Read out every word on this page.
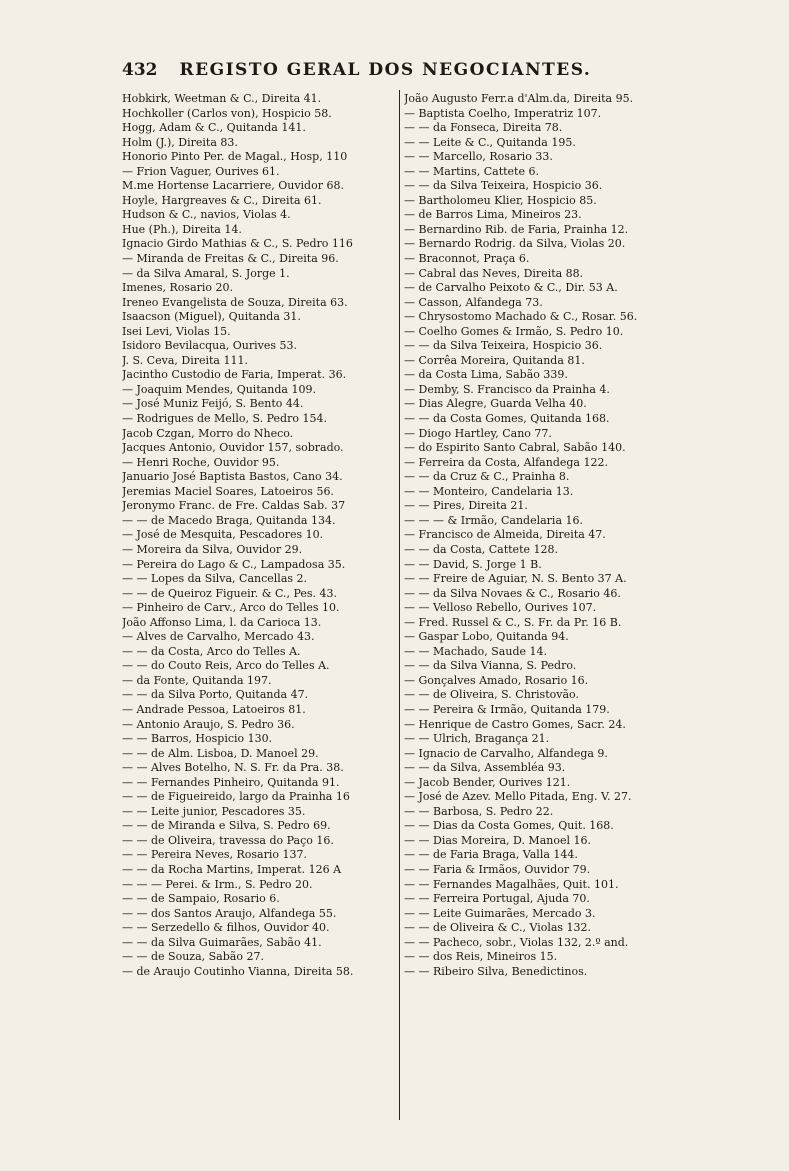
432 REGISTO GERAL DOS NEGOCIANTES.
Hobkirk, Weetman & C., Direita 41.
Hochkoller (Carlos von), Hospicio 58.
Hogg, Adam & C., Quitanda 141.
Holm (J.), Direita 83.
Honorio Pinto Per. de Magal., Hosp, 110
— Frion Vaguer, Ourives 61.
M.me Hortense Lacarriere, Ouvidor 68.
Hoyle, Hargreaves & C., Direita 61.
Hudson & C., navios, Violas 4.
Hue (Ph.), Direita 14.
Ignacio Girdo Mathias & C., S. Pedro 116
— Miranda de Freitas & C., Direita 96.
— da Silva Amaral, S. Jorge 1.
Imenes, Rosario 20.
Ireneo Evangelista de Souza, Direita 63.
Isaacson (Miguel), Quitanda 31.
Isei Levi, Violas 15.
Isidoro Bevilacqua, Ourives 53.
J. S. Ceva, Direita 111.
Jacintho Custodio de Faria, Imperat. 36.
— Joaquim Mendes, Quitanda 109.
— José Muniz Feijó, S. Bento 44.
— Rodrigues de Mello, S. Pedro 154.
Jacob Czgan, Morro do Nheco.
Jacques Antonio, Ouvidor 157, sobrado.
— Henri Roche, Ouvidor 95.
Januario José Baptista Bastos, Cano 34.
Jeremias Maciel Soares, Latoeiros 56.
Jeronymo Franc. de Fre. Caldas Sab. 37
— — de Macedo Braga, Quitanda 134.
— José de Mesquita, Pescadores 10.
— Moreira da Silva, Ouvidor 29.
— Pereira do Lago & C., Lampadosa 35.
— — Lopes da Silva, Cancellas 2.
— — de Queiroz Figueir. & C., Pes. 43.
— Pinheiro de Carv., Arco do Telles 10.
João Affonso Lima, l. da Carioca 13.
— Alves de Carvalho, Mercado 43.
— — da Costa, Arco do Telles A.
— — do Couto Reis, Arco do Telles A.
— da Fonte, Quitanda 197.
— — da Silva Porto, Quitanda 47.
— Andrade Pessoa, Latoeiros 81.
— Antonio Araujo, S. Pedro 36.
— — Barros, Hospicio 130.
— — de Alm. Lisboa, D. Manoel 29.
— — Alves Botelho, N. S. Fr. da Pra. 38.
— — Fernandes Pinheiro, Quitanda 91.
— — de Figueireido, largo da Prainha 16
— — Leite junior, Pescadores 35.
— — de Miranda e Silva, S. Pedro 69.
— — de Oliveira, travessa do Paço 16.
— — Pereira Neves, Rosario 137.
— — da Rocha Martins, Imperat. 126 A
— — — Perei. & Irm., S. Pedro 20.
— — de Sampaio, Rosario 6.
— — dos Santos Araujo, Alfandega 55.
— — Serzedello & filhos, Ouvidor 40.
— — da Silva Guimarães, Sabão 41.
— — de Souza, Sabão 27.
— de Araujo Coutinho Vianna, Direita 58.
João Augusto Ferr.a d'Alm.da, Direita 95.
— Baptista Coelho, Imperatriz 107.
— — da Fonseca, Direita 78.
— — Leite & C., Quitanda 195.
— — Marcello, Rosario 33.
— — Martins, Cattete 6.
— — da Silva Teixeira, Hospicio 36.
— Bartholomeu Klier, Hospicio 85.
— de Barros Lima, Mineiros 23.
— Bernardino Rib. de Faria, Prainha 12.
— Bernardo Rodrig. da Silva, Violas 20.
— Braconnot, Praça 6.
— Cabral das Neves, Direita 88.
— de Carvalho Peixoto & C., Dir. 53 A.
— Casson, Alfandega 73.
— Chrysostomo Machado & C., Rosar. 56.
— Coelho Gomes & Irmão, S. Pedro 10.
— — da Silva Teixeira, Hospicio 36.
— Corrêa Moreira, Quitanda 81.
— da Costa Lima, Sabão 339.
— Demby, S. Francisco da Prainha 4.
— Dias Alegre, Guarda Velha 40.
— — da Costa Gomes, Quitanda 168.
— Diogo Hartley, Cano 77.
— do Espirito Santo Cabral, Sabão 140.
— Ferreira da Costa, Alfandega 122.
— — da Cruz & C., Prainha 8.
— — Monteiro, Candelaria 13.
— — Pires, Direita 21.
— — — & Irmão, Candelaria 16.
— Francisco de Almeida, Direita 47.
— — da Costa, Cattete 128.
— — David, S. Jorge 1 B.
— — Freire de Aguiar, N. S. Bento 37 A.
— — da Silva Novaes & C., Rosario 46.
— — Velloso Rebello, Ourives 107.
— Fred. Russel & C., S. Fr. da Pr. 16 B.
— Gaspar Lobo, Quitanda 94.
— — Machado, Saude 14.
— — da Silva Vianna, S. Pedro.
— Gonçalves Amado, Rosario 16.
— — de Oliveira, S. Christovão.
— — Pereira & Irmão, Quitanda 179.
— Henrique de Castro Gomes, Sacr. 24.
— — Ulrich, Bragança 21.
— Ignacio de Carvalho, Alfandega 9.
— — da Silva, Assembléa 93.
— Jacob Bender, Ourives 121.
— José de Azev. Mello Pitada, Eng. V. 27.
— — Barbosa, S. Pedro 22.
— — Dias da Costa Gomes, Quit. 168.
— — Dias Moreira, D. Manoel 16.
— — de Faria Braga, Valla 144.
— — Faria & Irmãos, Ouvidor 79.
— — Fernandes Magalhães, Quit. 101.
— — Ferreira Portugal, Ajuda 70.
— — Leite Guimarães, Mercado 3.
— — de Oliveira & C., Violas 132.
— — Pacheco, sobr., Violas 132, 2.º and.
— — dos Reis, Mineiros 15.
— — Ribeiro Silva, Benedictinos.
